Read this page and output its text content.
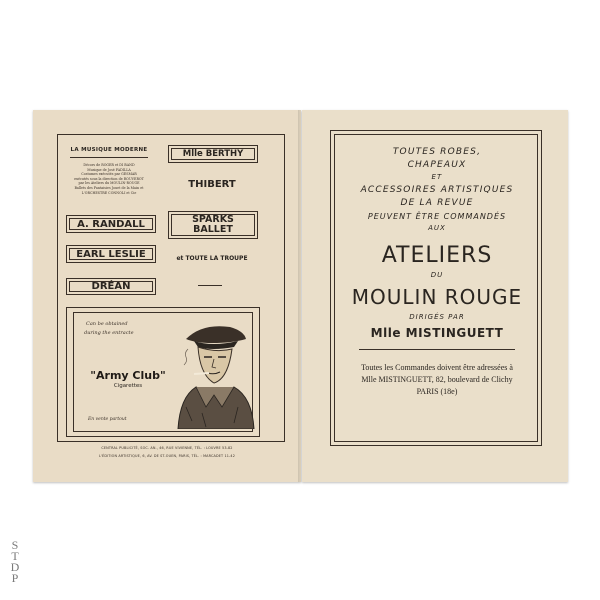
LA MUSIQUE MODERNE
Décors de ROGER et DI BAND
Musique de José PADILLA
Costumes exécutés par GESMAR
exécutés sous la direction de ROUVEROT
par les Ateliers du MOULIN-ROUGE
Ballets des Fantaisies Jouet de la Main et
L'ORCHESTRE CONNOLI et Cie
A. RANDALL
EARL LESLIE
DRÉAN
Mlle BERTHY
THIBERT
SPARKS
BALLET
et TOUTE LA TROUPE
Can be obtained
during the entracte
"Army Club"
Cigarettes
En vente partout
CENTRAL PUBLICITÉ, SOC. AN., 46, RUE VIVIENNE, TÉL. : LOUVRE 53-82
L'ÉDITION ARTISTIQUE, 6, AV. DE ST-OUEN, PARIS, TÉL. : MARCADET 11-42
TOUTES ROBES,
CHAPEAUX
ET
ACCESSOIRES ARTISTIQUES
DE LA REVUE
PEUVENT ÊTRE COMMANDÉS
AUX
ATELIERS
DU
MOULIN ROUGE
DIRIGÉS PAR
Mlle MISTINGUETT
Toutes les Commandes doivent être adressées à
Mlle MISTINGUETT, 82, boulevard de Clichy
PARIS (18e)
S
T
D
P
